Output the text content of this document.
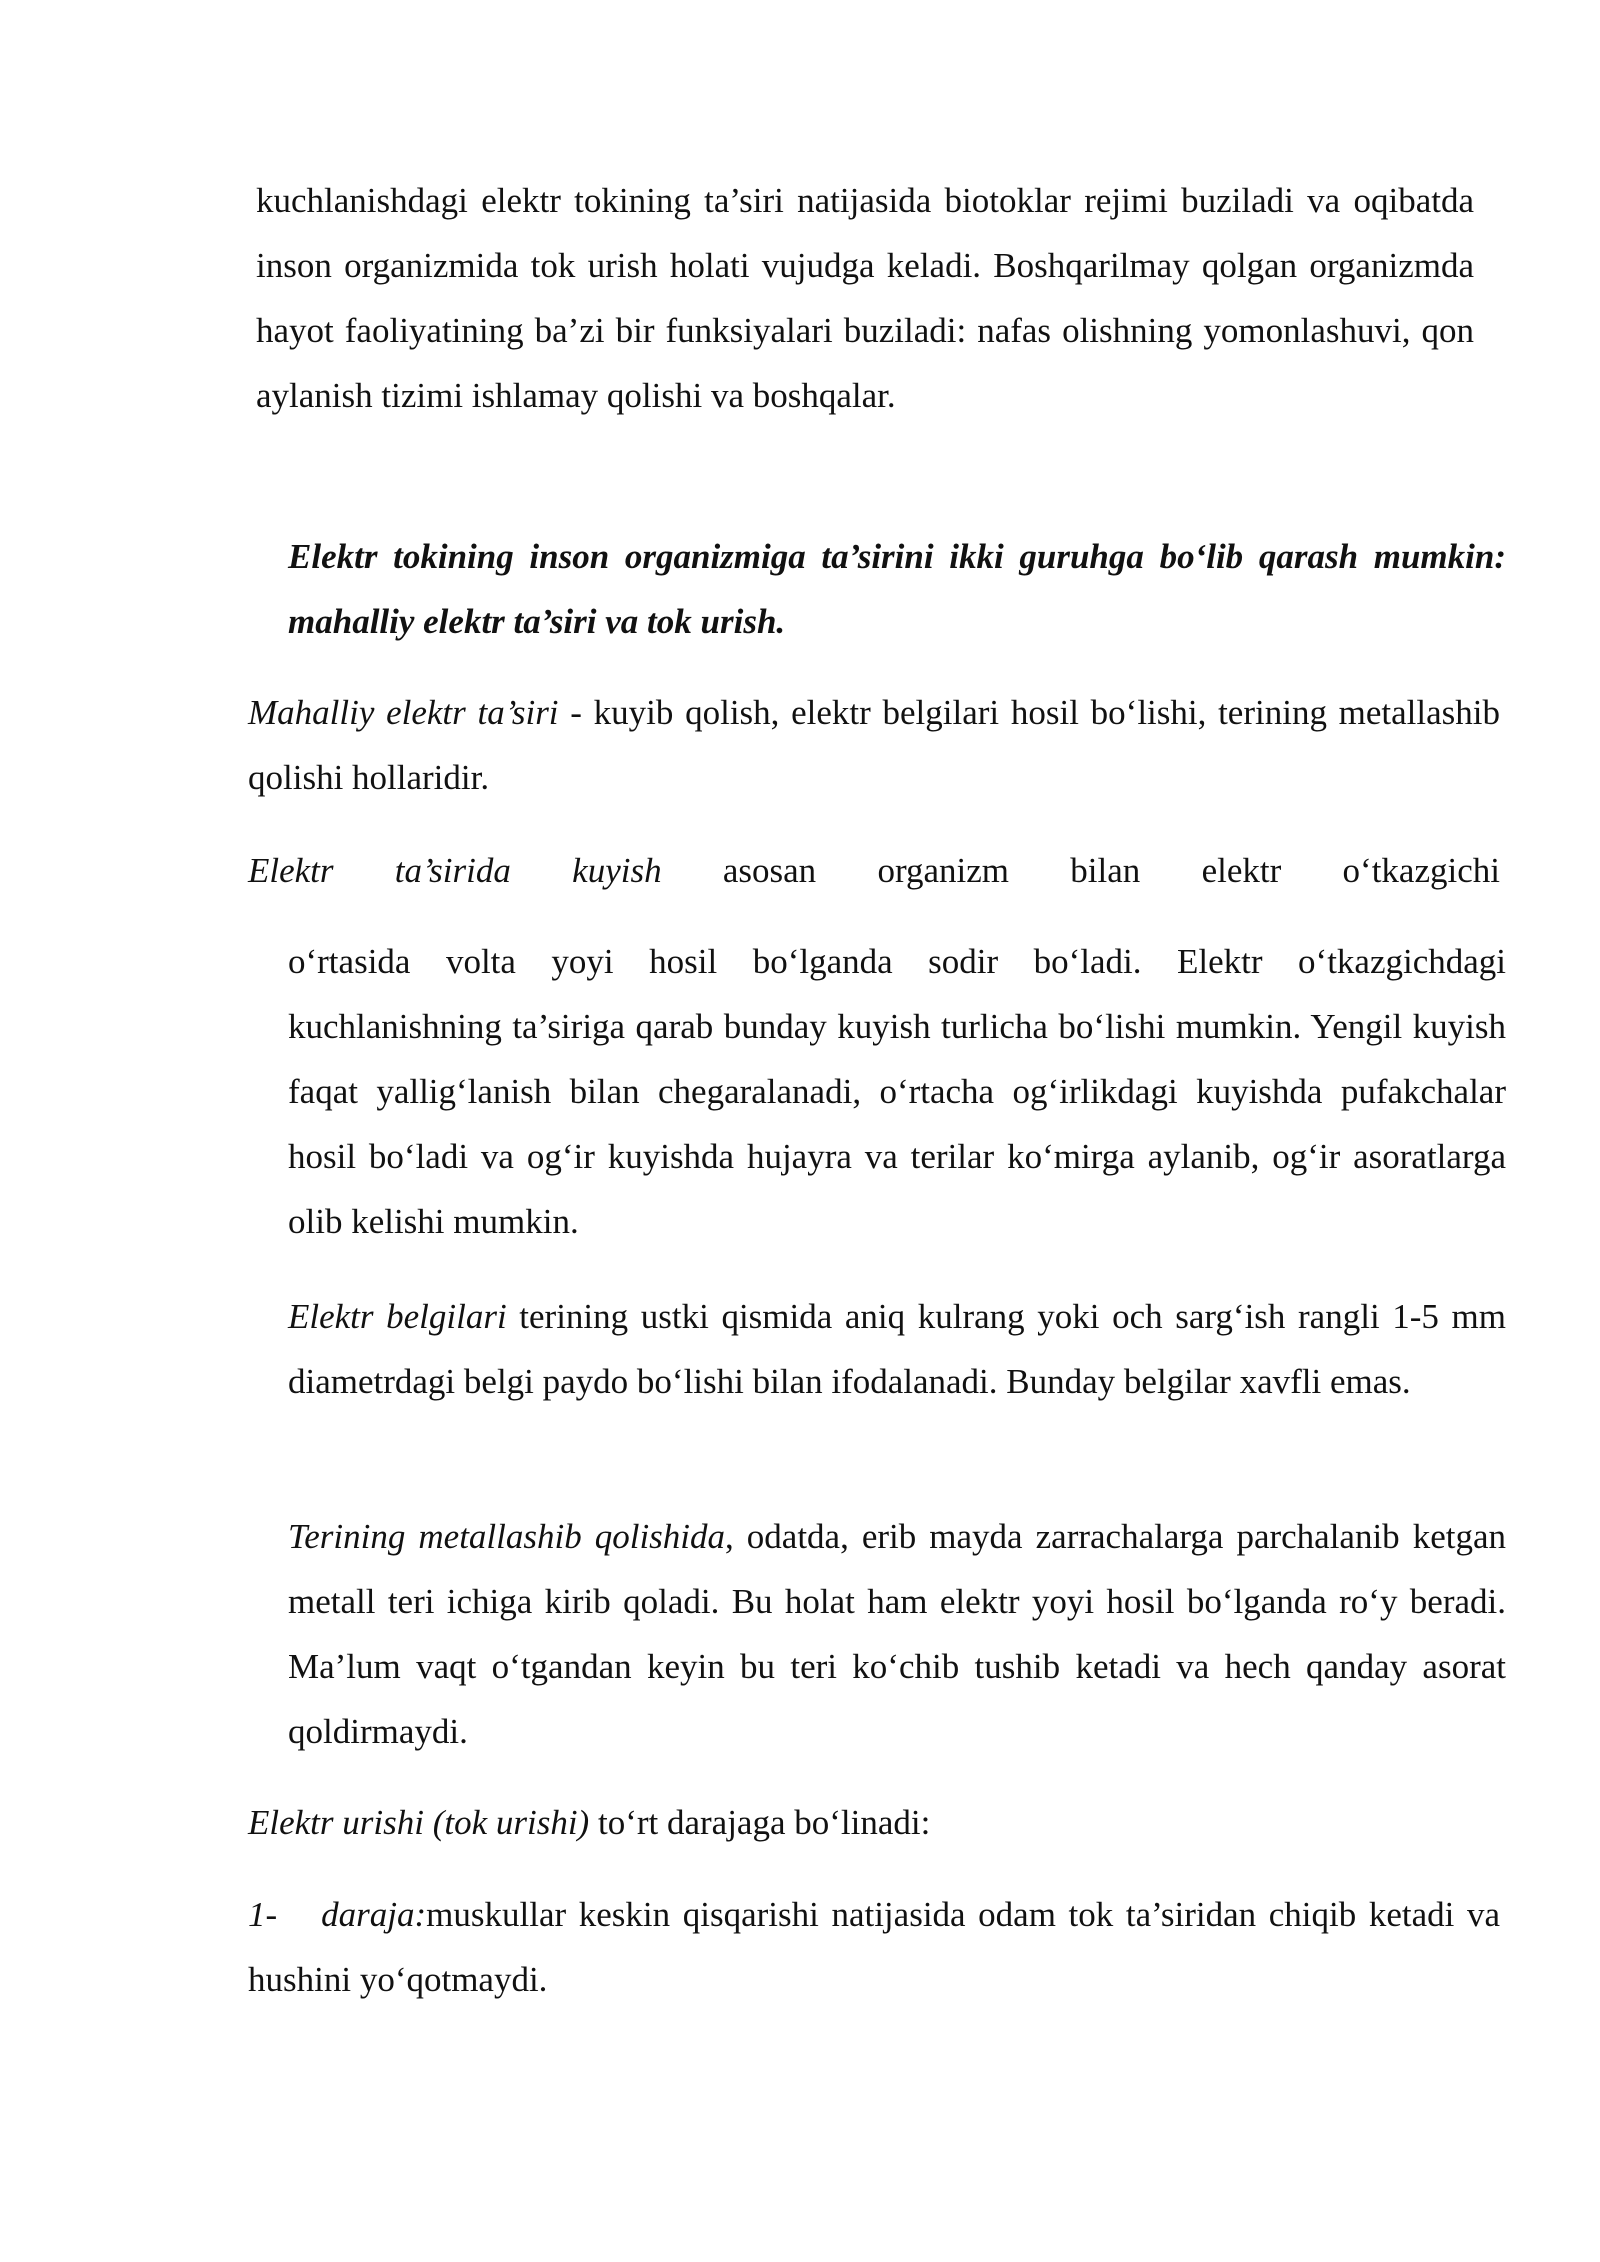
kuchlanishdagi elektr tokining ta’siri natijasida biotoklar rejimi buziladi va oqibatda inson organizmida tok urish holati vujudga keladi. Boshqarilmay qolgan organizmda hayot faoliyatining ba’zi bir funksiyalari buziladi: nafas olishning yomonlashuvi, qon aylanish tizimi ishlamay qolishi va boshqalar.

Elektr tokining inson organizmiga ta’sirini ikki guruhga bo‘lib qarash mumkin: mahalliy elektr ta’siri va tok urish.

Mahalliy elektr ta’siri - kuyib qolish, elektr belgilari hosil bo‘lishi, terining metallashib qolishi hollaridir.

Elektr ta’sirida kuyish asosan organizm bilan elektr o‘tkazgichi

o‘rtasida volta yoyi hosil bo‘lganda sodir bo‘ladi. Elektr o‘tkazgichdagi kuchlanishning ta’siriga qarab bunday kuyish turlicha bo‘lishi mumkin. Yengil kuyish faqat yallig‘lanish bilan chegaralanadi, o‘rtacha og‘irlikdagi kuyishda pufakchalar hosil bo‘ladi va og‘ir kuyishda hujayra va terilar ko‘mirga aylanib, og‘ir asoratlarga olib kelishi mumkin.

Elektr belgilari terining ustki qismida aniq kulrang yoki och sarg‘ish rangli 1-5 mm diametrdagi belgi paydo bo‘lishi bilan ifodalanadi. Bunday belgilar xavfli emas.

Terining metallashib qolishida, odatda, erib mayda zarrachalarga parchalanib ketgan metall teri ichiga kirib qoladi. Bu holat ham elektr yoyi hosil bo‘lganda ro‘y beradi. Ma’lum vaqt o‘tgandan keyin bu teri ko‘chib tushib ketadi va hech qanday asorat qoldirmaydi.

Elektr urishi (tok urishi) to‘rt darajaga bo‘linadi:

1- daraja:muskullar keskin qisqarishi natijasida odam tok ta’siridan chiqib ketadi va hushini yo‘qotmaydi.
